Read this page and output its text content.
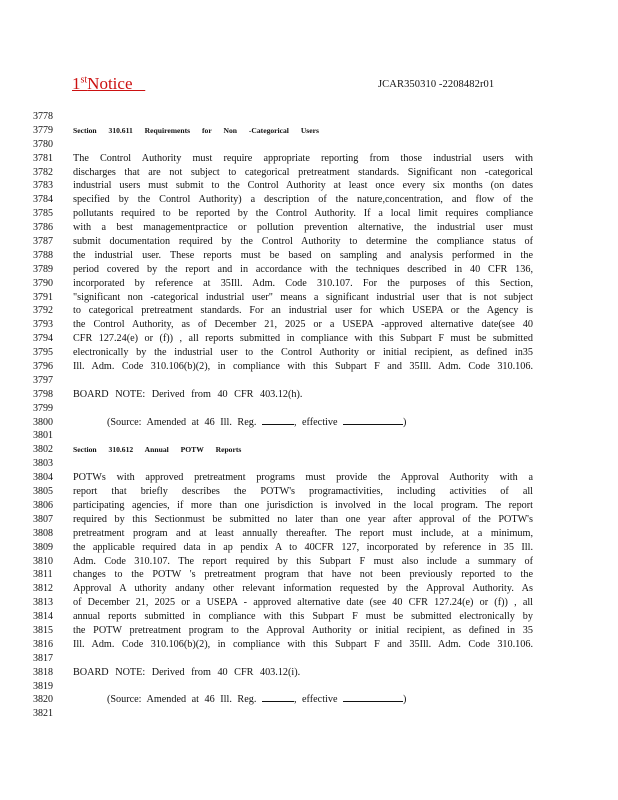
1stNotice	JCAR350310 -2208482r01
3778
3779	Section 310.611 Requirements for Non -Categorical Users
3780
3781 The Control Authority must require appropriate reporting from those industrial users with
3782 discharges that are not subject to categorical pretreatment standards. Significant non -categorical
3783 industrial users must submit to the Control Authority at least once every six months (on dates
3784 specified by the Control Authority) a description of the nature,concentration, and flow of the
3785 pollutants required to be reported by the Control Authority. If a local limit requires compliance
3786 with a best managementpractice or pollution prevention alternative, the industrial user must
3787 submit documentation required by the Control Authority to determine the compliance status of
3788 the industrial user. These reports must be based on sampling and analysis performed in the
3789 period covered by the report and in accordance with the techniques described in 40 CFR 136,
3790 incorporated by reference at 35Ill. Adm. Code 310.107. For the purposes of this Section,
3791 "significant non -categorical industrial user" means a significant industrial user that is not subject
3792 to categorical pretreatment standards. For an industrial user for which USEPA or the Agency is
3793 the Control Authority, as of December 21, 2025 or a USEPA -approved alternative date(see 40
3794 CFR 127.24(e) or (f)) , all reports submitted in compliance with this Subpart F must be submitted
3795 electronically by the industrial user to the Control Authority or initial recipient, as defined in35
3796 Ill. Adm. Code 310.106(b)(2), in compliance with this Subpart F and 35Ill. Adm. Code 310.106.
3797
3798 BOARD NOTE: Derived from 40 CFR 403.12(h).
3799
3800	(Source: Amended at 46 Ill. Reg.	, effective	)
3801
3802	Section 310.612 Annual POTW Reports
3803
3804 POTWs with approved pretreatment programs must provide the Approval Authority with a
3805 report that briefly describes the POTW's programactivities, including activities of all
3806 participating agencies, if more than one jurisdiction is involved in the local program. The report
3807 required by this Sectionmust be submitted no later than one year after approval of the POTW's
3808 pretreatment program and at least annually thereafter. The report must include, at a minimum,
3809 the applicable required data in ap pendix A to 40CFR 127, incorporated by reference in 35 Ill.
3810 Adm. Code 310.107. The report required by this Subpart F must also include a summary of
3811 changes to the POTW 's pretreatment program that have not been previously reported to the
3812 Approval A uthority andany other relevant information requested by the Approval Authority. As
3813 of December 21, 2025 or a USEPA - approved alternative date (see 40 CFR 127.24(e) or (f)) , all
3814 annual reports submitted in compliance with this Subpart F must be submitted electronically by
3815 the POTW pretreatment program to the Approval Authority or initial recipient, as defined in 35
3816 Ill. Adm. Code 310.106(b)(2), in compliance with this Subpart F and 35Ill. Adm. Code 310.106.
3817
3818 BOARD NOTE: Derived from 40 CFR 403.12(i).
3819
3820	(Source: Amended at 46 Ill. Reg.	, effective	)
3821
